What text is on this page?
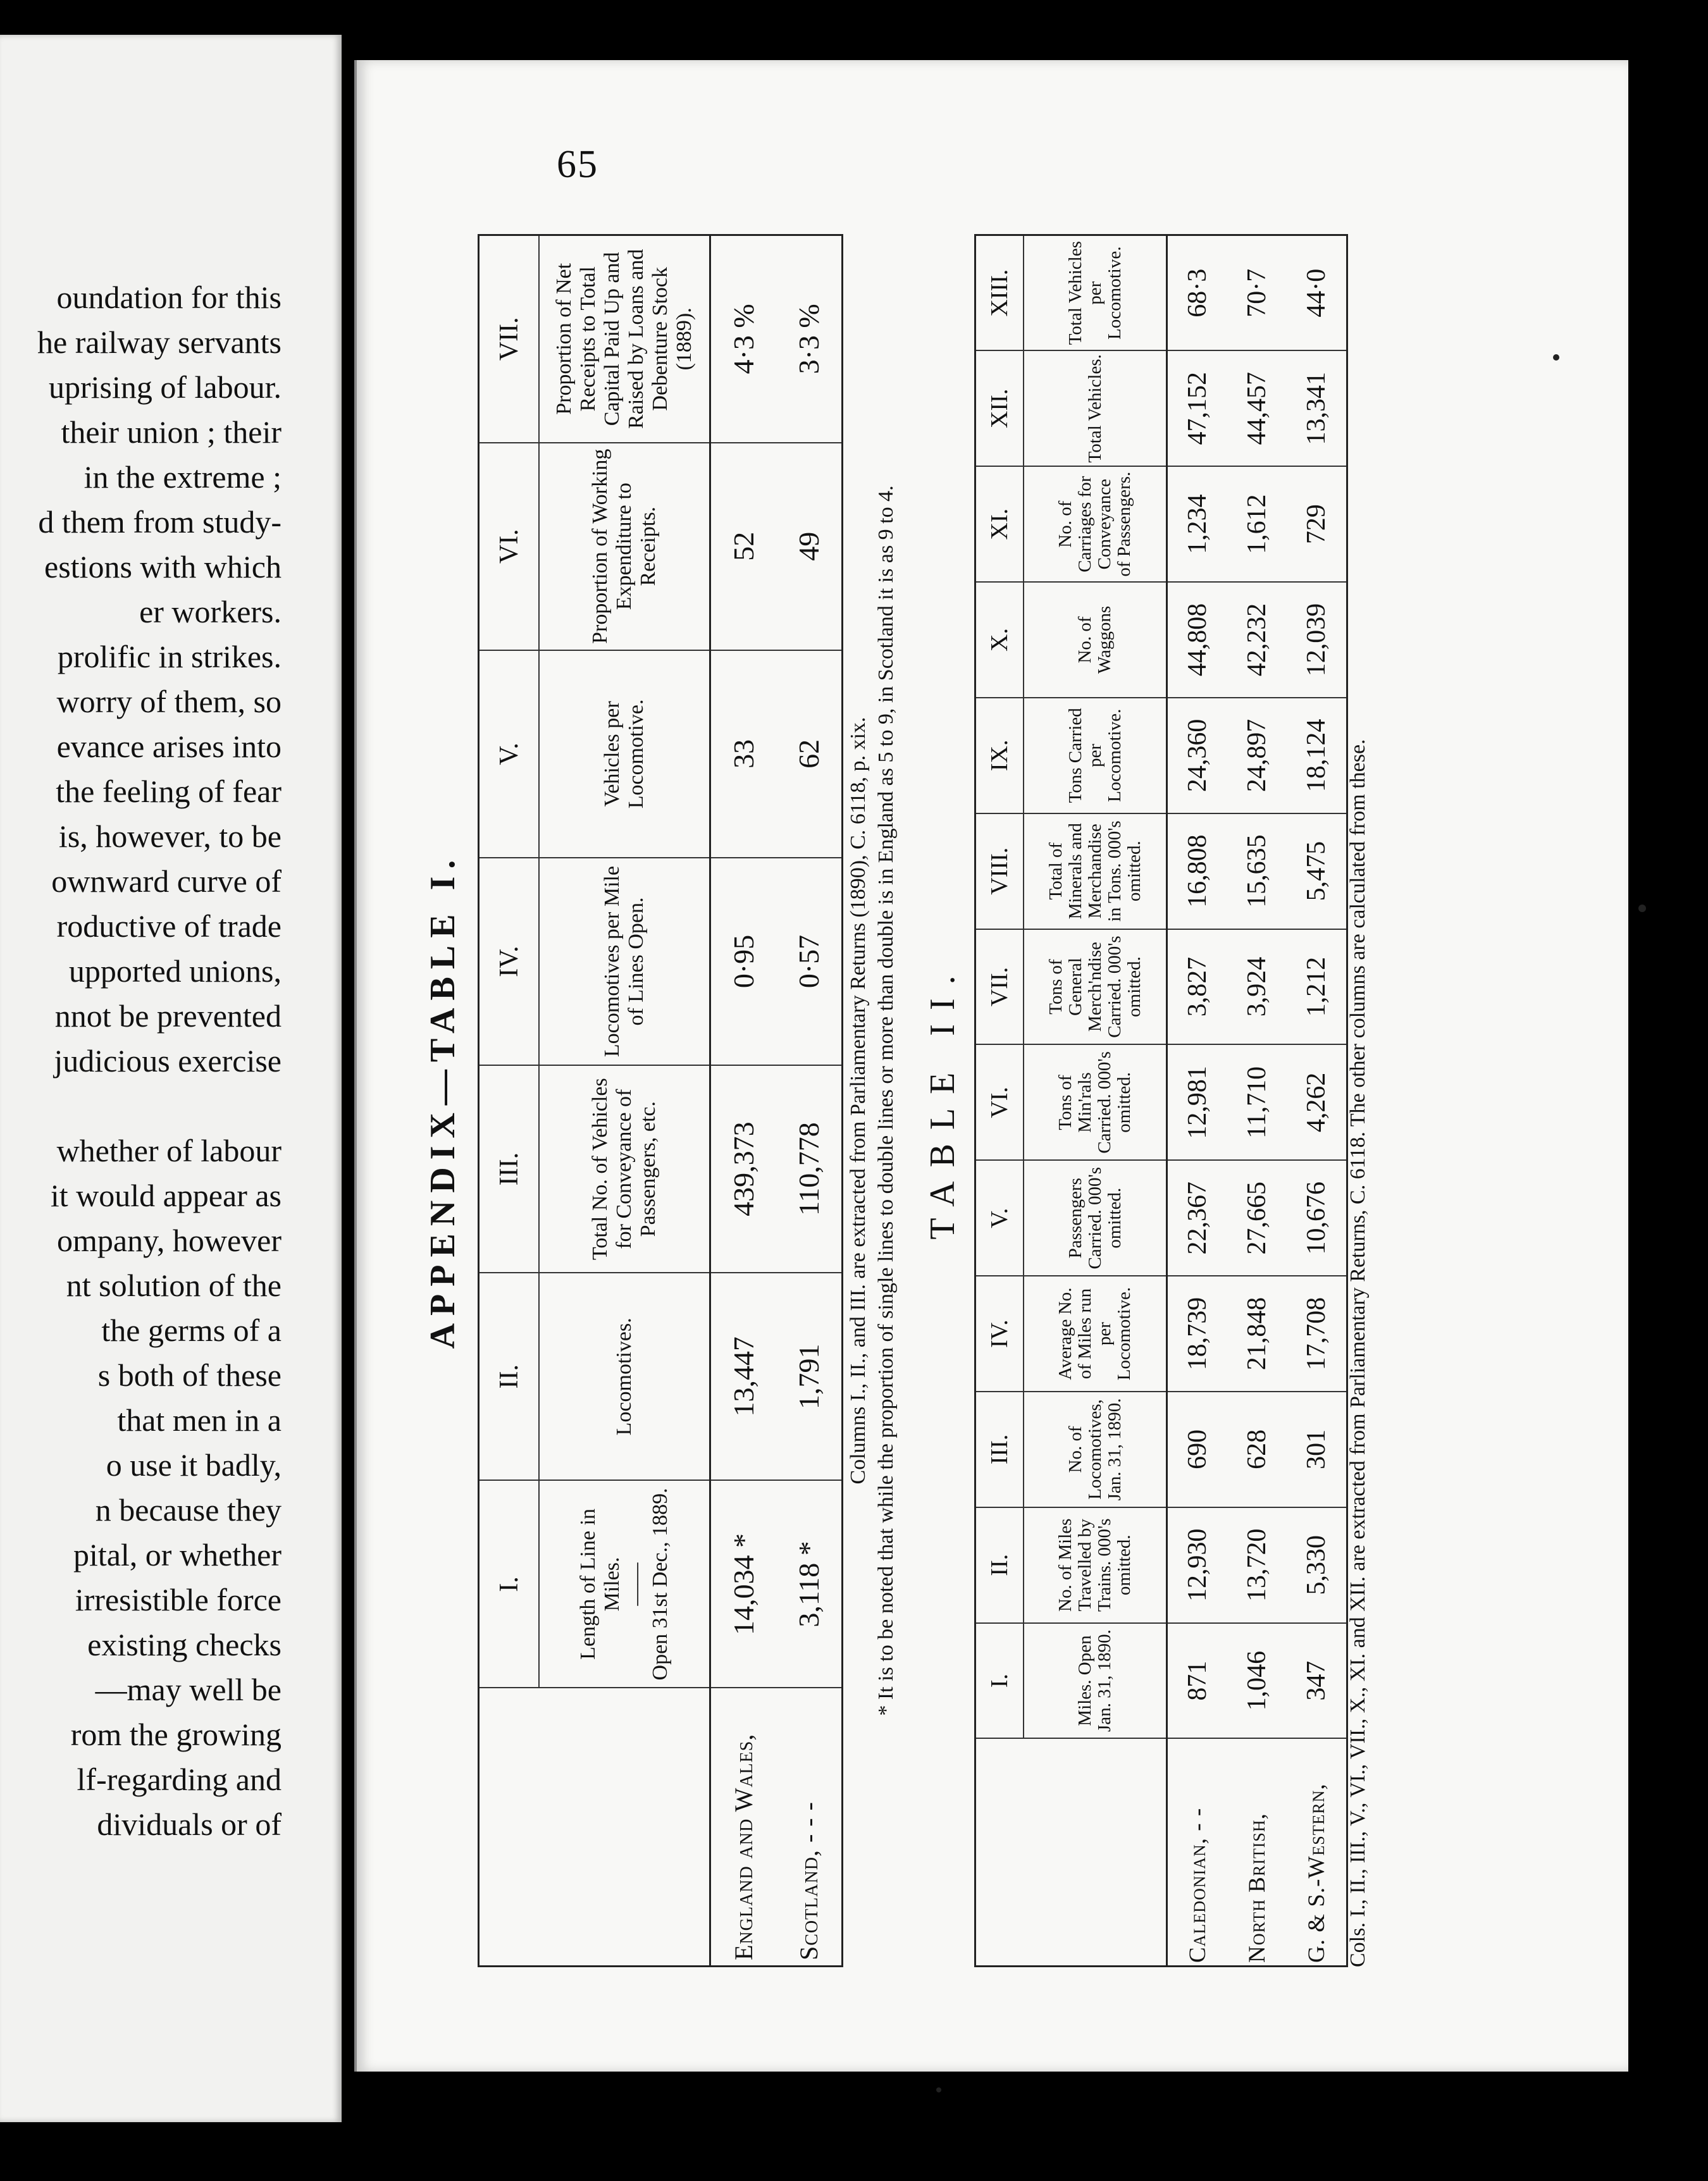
oundation for this
he railway servants
uprising of labour.
their union ; their
in the extreme ;
d them from study-
estions with which
er workers.
prolific in strikes.
worry of them, so
evance arises into
the feeling of fear
is, however, to be
ownward curve of
roductive of trade
upported unions,
nnot be prevented
judicious exercise

whether of labour
it would appear as
ompany, however
nt solution of the
the germs of a
s both of these
that men in a
o use it badly,
n because they
pital, or whether
irresistible force
existing checks
—may well be
rom the growing
lf-regarding and
dividuals or of
65
APPENDIX—TABLE I.
	I.	II.	III.	IV.	V.	VI.	VII.
	Length of Line in Miles.
——
Open 31st Dec., 1889.	Locomotives.	Total No. of Vehicles for Conveyance of Passengers, etc.	Locomotives per Mile of Lines Open.	Vehicles per Locomotive.	Proportion of Working Expenditure to Receipts.	Proportion of Net Receipts to Total Capital Paid Up and Raised by Loans and Debenture Stock (1889).
England and Wales,	14,034 *	13,447	439,373	0·95	33	52	4·3 %
Scotland, - - -	3,118 *	1,791	110,778	0·57	62	49	3·3 %
Columns I., II., and III. are extracted from Parliamentary Returns (1890), C. 6118, p. xix. * It is to be noted that while the proportion of single lines to double lines or more than double is in England as 5 to 9, in Scotland it is as 9 to 4. TABLE II.
	I.	II.	III.	IV.	V.	VI.	VII.	VIII.	IX.	X.	XI.	XII.	XIII.
	Miles. Open Jan. 31, 1890.	No. of Miles Travelled by Trains. 000's omitted.	No. of Locomotives, Jan. 31, 1890.	Average No. of Miles run per Locomotive.	Passengers Carried. 000's omitted.	Tons of Min'rals Carried. 000's omitted.	Tons of General Merch'ndise Carried. 000's omitted.	Total of Minerals and Merchandise in Tons. 000's omitted.	Tons Carried per Locomotive.	No. of Waggons	No. of Carriages for Conveyance of Passengers.	Total Vehicles.	Total Vehicles per Locomotive.
Caledonian, - -	871	12,930	690	18,739	22,367	12,981	3,827	16,808	24,360	44,808	1,234	47,152	68·3
North British,	1,046	13,720	628	21,848	27,665	11,710	3,924	15,635	24,897	42,232	1,612	44,457	70·7
G. & S.-Western,	347	5,330	301	17,708	10,676	4,262	1,212	5,475	18,124	12,039	729	13,341	44·0
Cols. I., II., III., V., VI., VII., X., XI. and XII. are extracted from Parliamentary Returns, C. 6118. The other columns are calculated from these.
